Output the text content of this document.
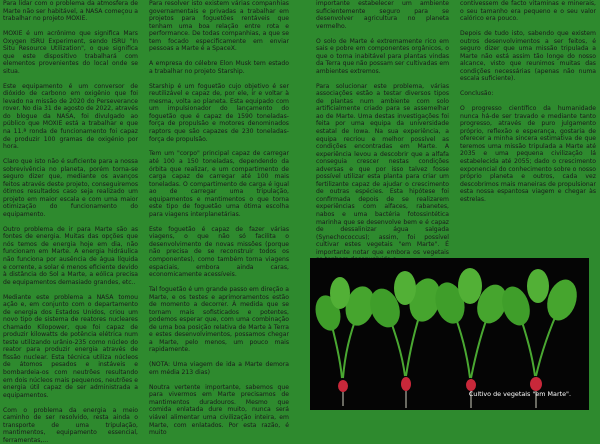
Para lidar com o problema da atmosfera de Marte não ser habitável, a NASA começou a trabalhar no projeto MOXIE.

MOXIE é um acrônimo que significa Mars Oxygen ISRU Experiment, sendo ISRU "In Situ Resource Utilization", o que significa que este dispositivo trabalhará com elementos provenientes do local onde se situa.

Este equipamento é um conversor de dióxido de carbono em oxigênio que foi levado na missão de 2020 do Perseverance rover. No dia 31 de agosto de 2022, através do blogue da NASA, foi divulgado ao público que MOXIE está a trabalhar e que na 11.ª ronda de funcionamento foi capaz de produzir 100 gramas de oxigénio por hora.

Claro que isto não é suficiente para a nossa sobrevivência no planeta, porém torna-se seguro dizer que, mediante os avanços feitos através deste projeto, conseguiremos ótimos resultados caso seja realizado um projeto em maior escala e com uma maior otimização do funcionamento do equipamento.

Outro problema de ir para Marte são as fontes de energia. Muitas das opções que nós temos de energia hoje em dia, não funcionam em Marte. A energia hidráulica não funciona por ausência de água líquida e corrente, a solar é menos eficiente devido à distância do Sol a Marte, a eólica precisa de equipamentos demasiado grandes, etc..

Mediante este problema a NASA tomou ação e, em conjunto com o departamento de energia dos Estados Unidos, criou um novo tipo de sistema de reatores nucleares chamado Kilopower, que foi capaz de produzir kilowatts de potência elétrica num teste utilizando urânio-235 como núcleo do reator para produzir energia através de fissão nuclear. Esta técnica utiliza núcleos de átomos pesados e instáveis e bombardeia-os com neutrões resultando em dois núcleos mais pequenos, neutrões e energia útil capaz de ser administrada a equipamentos.

Com o problema da energia a meio caminho de ser resolvido, resta ainda o transporte de uma tripulação, mantimentos, equipamento essencial, ferramentas,...

Para resolver isto existem várias companhias governamentais e privadas a trabalhar em projetos para foguetões rentáveis que tenham uma boa relação entre rota e performance. De todas companhias, a que se tem focado especificamente em enviar pessoas a Marte é a SpaceX.

A empresa do célebre Elon Musk tem estado a trabalhar no projeto Starship.

Starship é um foguetão cujo objetivo é ser reutilizável e capaz de, por ele, ir e voltar à mesma, volta ao planeta. Esta equipado com um impulsionador do lançamento do foguetão que é capaz de 1590 toneladas-força de propulsão e motores denominados raptors que são capazes de 230 toneladas-força de propulsão.

Tem um "corpo" principal capaz de carregar até 100 a 150 toneladas, dependendo da órbita que realizar, e um compartimento de carga capaz de carregar até 100 mais toneladas. O compartimento de carga é igual ao de carregar uma tripulação, equipamentos e mantimentos o que torna este tipo de foguetão uma ótima escolha para viagens interplanetárias.

Este foguetão é capaz de fazer várias viagens, o que não só facilita o desenvolvimento de novas missões (porque não precisa de se reconstruir todos os componentes), como também torna viagens espaciais, embora ainda caras, economicamente acessíveis.

Tal foguetão é um grande passo em direção a Marte, e os testes e aprimoramentos estão de momento a decorrer. À medida que se tornam mais sofisticados e potentes, podemos esperar que, com uma combinação de uma boa posição relativa de Marte à Terra e estes desenvolvimentos, possamos chegar a Marte, pelo menos, um pouco mais rapidamente.

(NOTA: Uma viagem de ida a Marte demora em média 213 dias)

Noutra vertente importante, sabemos que para vivermos em Marte precisamos de mantimentos duradouros. Mesmo que comida enlatada dure muito, nunca será viável alimentar uma civilização inteira, em Marte, com enlatados. Por esta razão, é muito

importante estabelecer um ambiente suficientemente seguro para se desenvolver agricultura no planeta vermelho.

O solo de Marte é extremamente rico em sais e pobre em componentes orgânicos, o que o torna inabitável para plantas vindas da Terra que não possam ser cultivadas em ambientes extremos.

Para solucionar este problema, várias associações estão a testar diversos tipos de plantas num ambiente com solo artificialmente criado para se assemelhar ao de Marte. Uma destas investigações foi feita por uma equipa da universidade estatal de Iowa. Na sua experiência, a equipa recriou e melhor possível as condições encontradas em Marte. A experiência levou a descobrir que a alfafa conseguia crescer nestas condições adversas e que por isso talvez fosse possível utilizar esta planta para criar um fertilizante capaz de ajudar o crescimento de outras espécies. Esta hipótese foi confirmada depois de se realizarem experiências com alfaces, rabanetes, nabos e uma bactéria fotossintética marinha que se desenvolve bem e é capaz de dessalinizar água salgada (Synechococcus); assim, foi possível cultivar estes vegetais "em Marte". É importante notar que embora os vegetais

contivessem de facto vitaminas e minerais, o seu tamanho era pequeno e o seu valor calórico era pouco.

Depois de tudo isto, sabendo que existem outros desenvolvimentos a ser feitos, é seguro dizer que uma missão tripulada a Marte não está assim tão longe do nosso alcance, visto que reunimos muitas das condições necessárias (apenas não numa escala suficiente).

Conclusão:

O progresso científico da humanidade nunca há-de ser travado e mediante tanto progresso, através de puro julgamento próprio, reflexão e esperança, gostaria de oferecer a minha sincera estimativa de que teremos uma missão tripulada a Marte até 2035 e uma pequena civilização lá estabelecida até 2055; dado o crescimento exponencial do conhecimento sobre o nosso próprio planeta e outros, cada vez descobrimos mais maneiras de propulsionar esta nossa espantosa viagem e chegar às estrelas.

Cultivo de vegetais "em Marte".
